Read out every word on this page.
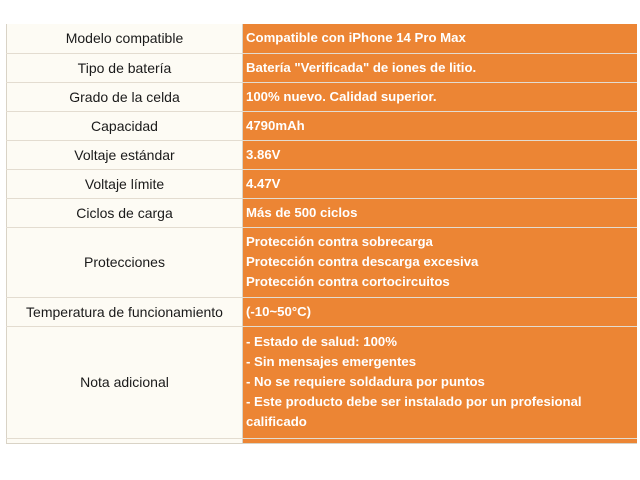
Modelo compatible	Compatible con iPhone 14 Pro Max

Tipo de batería	Batería "Verificada" de iones de litio.

Grado de la celda	100% nuevo. Calidad superior.

Capacidad	4790mAh

Voltaje estándar	3.86V

Voltaje límite	4.47V

Ciclos de carga	Más de 500 ciclos

Protecciones	Protección contra sobrecarga
Protección contra descarga excesiva
Protección contra cortocircuitos

Temperatura de funcionamiento	(-10~50°C)

Nota adicional	- Estado de salud: 100%
- Sin mensajes emergentes
- No se requiere soldadura por puntos
- Este producto debe ser instalado por un profesional
calificado
